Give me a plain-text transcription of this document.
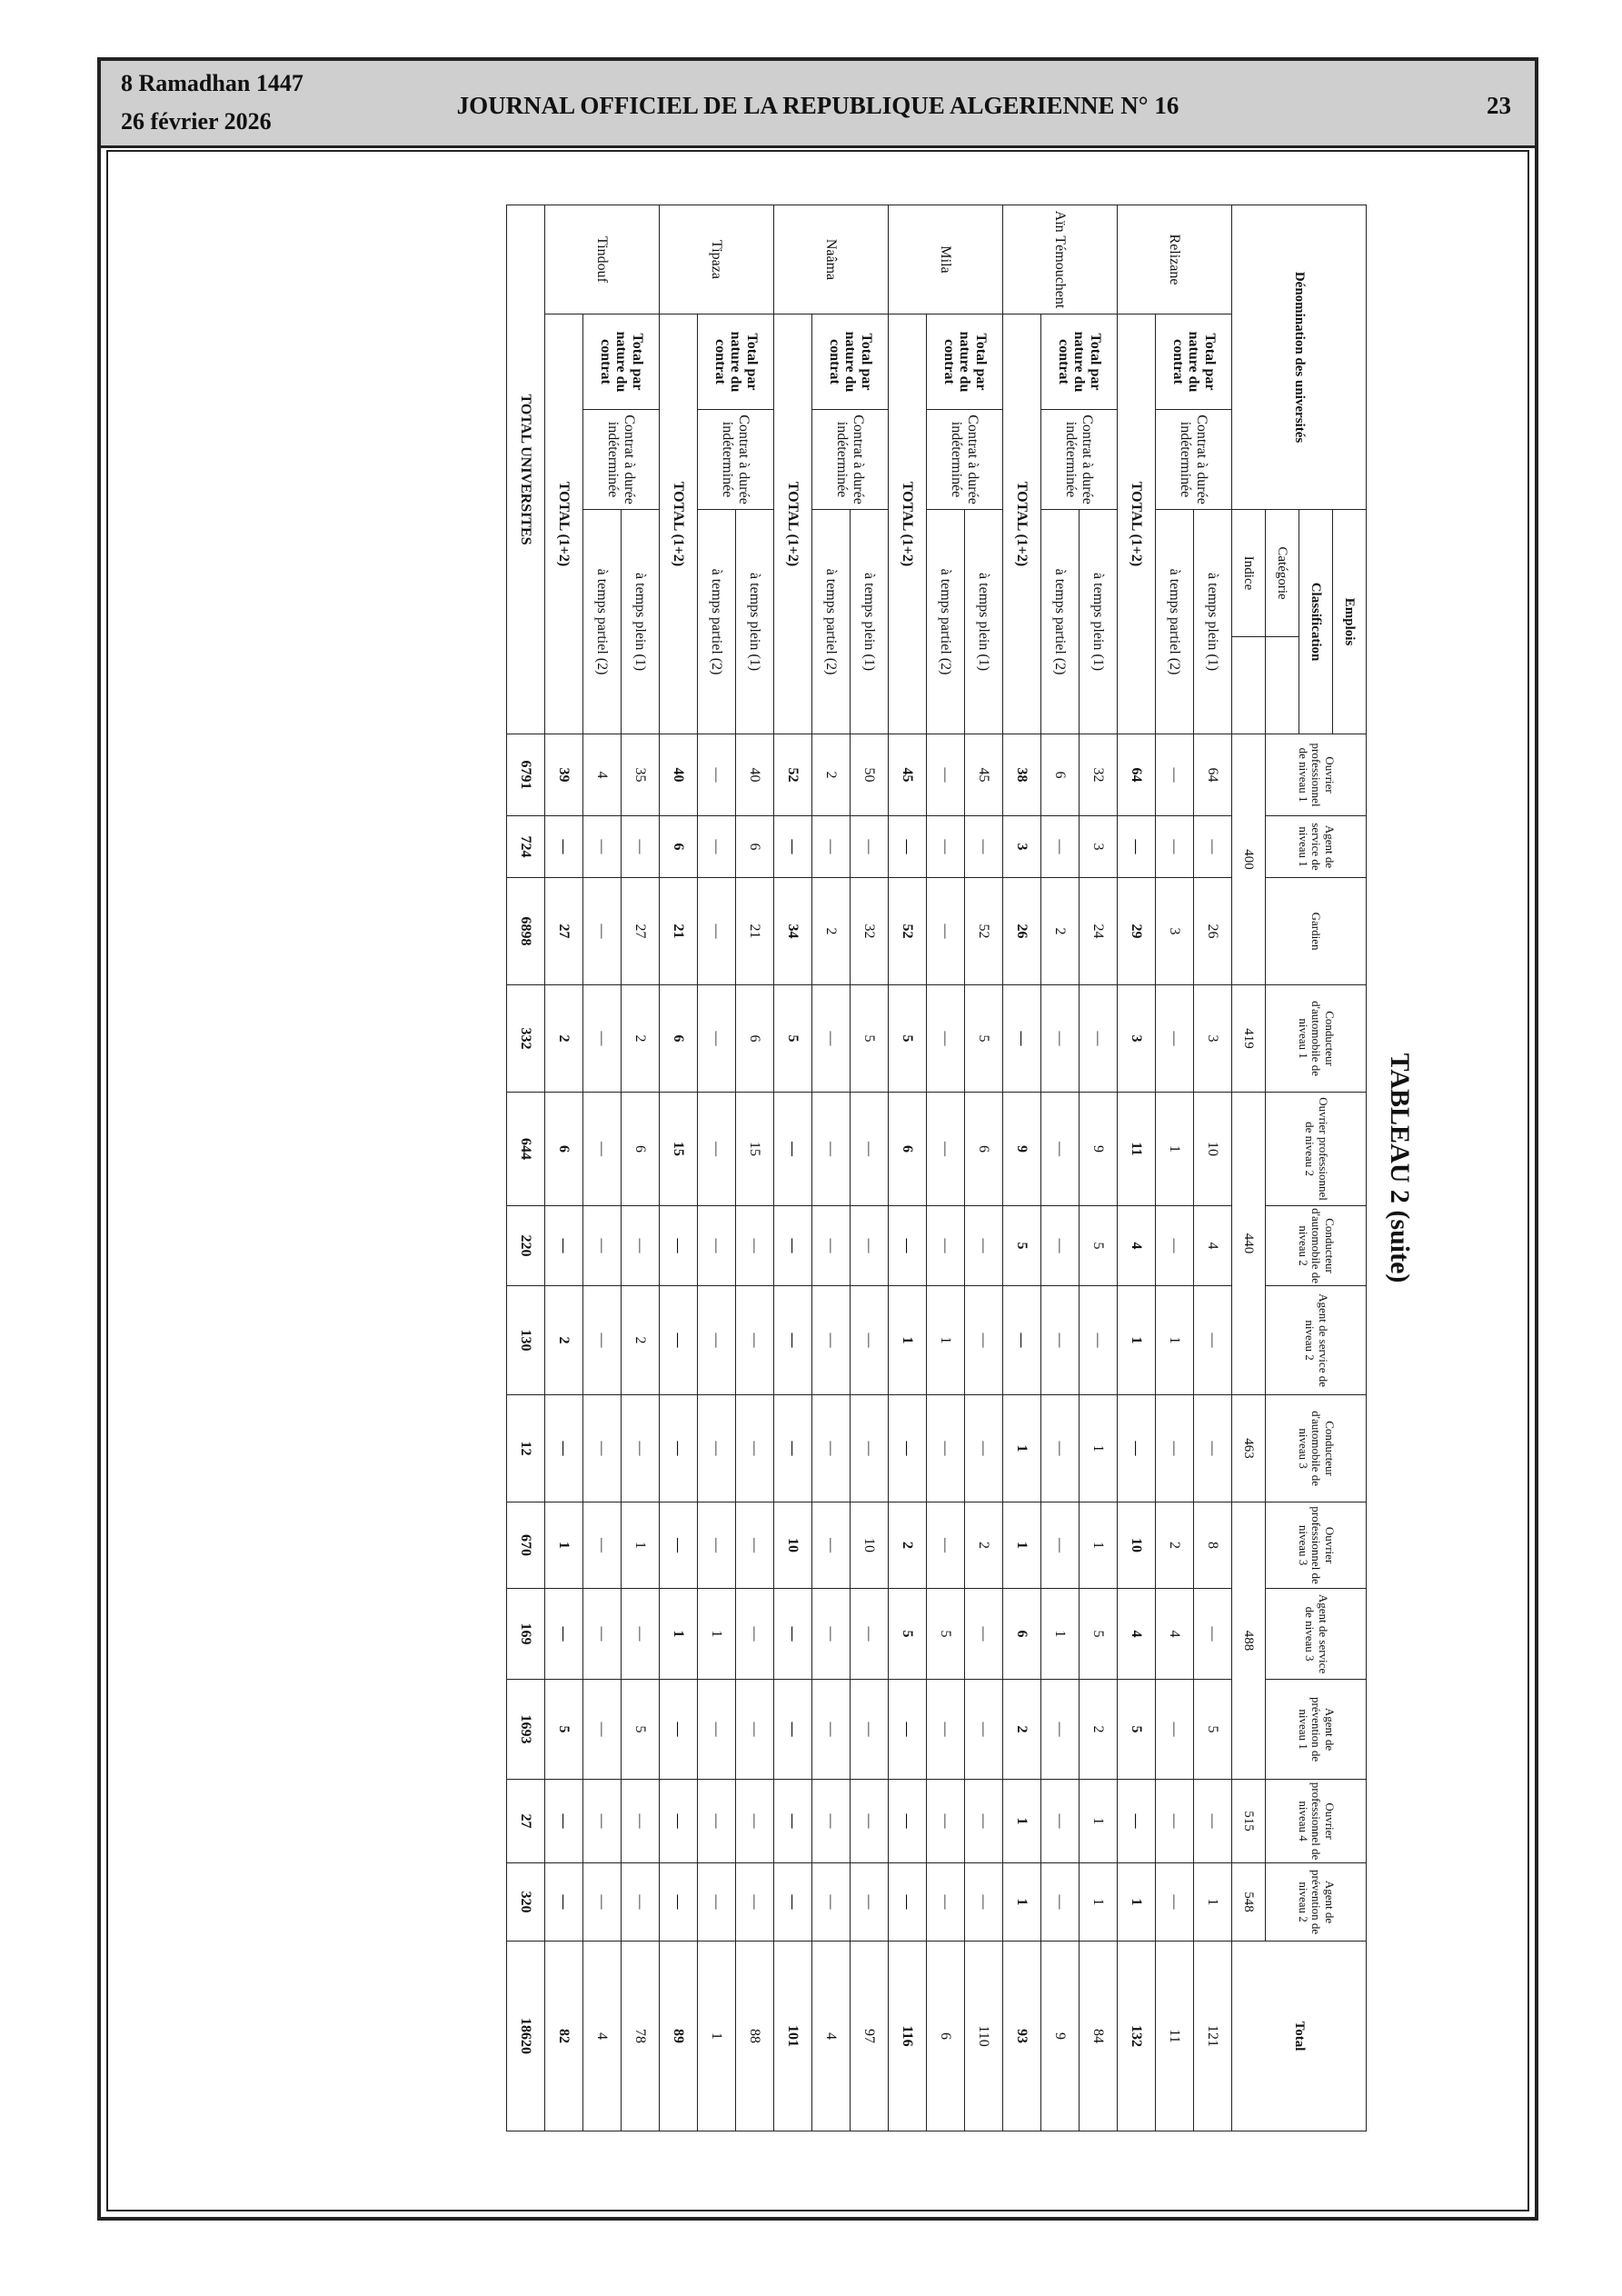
8 Ramadhan 1447
26 février 2026
JOURNAL OFFICIEL DE LA REPUBLIQUE ALGERIENNE N° 16	23
TABLEAU 2 (suite)
Dénomination des universités			Emplois		Ouvrier professionnel de niveau 1	Agent de service de niveau 1	Gardien	Conducteur d'automobile de niveau 1	Ouvrier professionnel de niveau 2	Conducteur d'automobile de niveau 2	Agent de service de niveau 2	Conducteur d'automobile de niveau 3	Ouvrier professionnel de niveau 3	Agent de service de niveau 3	Agent de prévention de niveau 1	Ouvrier professionnel de niveau 4	Agent de prévention de niveau 2	Total
			Classification															
			Catégorie															
			Indice		400			419	440			463	488			515	548	
Relizane	Total par nature du contrat	Contrat à durée indéterminée	à temps plein (1)		64	—	26	3	10	4	—	—	8	—	5	—	1	121
			à temps partiel (2)		—	—	3	—	1	—	1	—	2	4	—	—	—	11
	TOTAL (1+2)				64	—	29	3	11	4	1	—	10	4	5	—	1	132
Aïn Témouchent	Total par nature du contrat	Contrat à durée indéterminée	à temps plein (1)		32	3	24	—	9	5	—	1	1	5	2	1	1	84
			à temps partiel (2)		6	—	2	—	—	—	—	—	—	1	—	—	—	9
	TOTAL (1+2)				38	3	26	—	9	5	—	1	1	6	2	1	1	93
Mila	Total par nature du contrat	Contrat à durée indéterminée	à temps plein (1)		45	—	52	5	6	—	—	—	2	—	—	—	—	110
			à temps partiel (2)		—	—	—	—	—	—	1	—	—	5	—	—	—	6
	TOTAL (1+2)				45	—	52	5	6	—	1	—	2	5	—	—	—	116
Naâma	Total par nature du contrat	Contrat à durée indéterminée	à temps plein (1)		50	—	32	5	—	—	—	—	10	—	—	—	—	97
			à temps partiel (2)		2	—	2	—	—	—	—	—	—	—	—	—	—	4
	TOTAL (1+2)				52	—	34	5	—	—	—	—	10	—	—	—	—	101
Tipaza	Total par nature du contrat	Contrat à durée indéterminée	à temps plein (1)		40	6	21	6	15	—	—	—	—	—	—	—	—	88
			à temps partiel (2)		—	—	—	—	—	—	—	—	—	1	—	—	—	1
	TOTAL (1+2)				40	6	21	6	15	—	—	—	—	1	—	—	—	89
Tindouf	Total par nature du contrat	Contrat à durée indéterminée	à temps plein (1)		35	—	27	2	6	—	2	—	1	—	5	—	—	78
			à temps partiel (2)		4	—	—	—	—	—	—	—	—	—	—	—	—	4
	TOTAL (1+2)				39	—	27	2	6	—	2	—	1	—	5	—	—	82
TOTAL UNIVERSITES					6791	724	6898	332	644	220	130	12	670	169	1693	27	320	18620
